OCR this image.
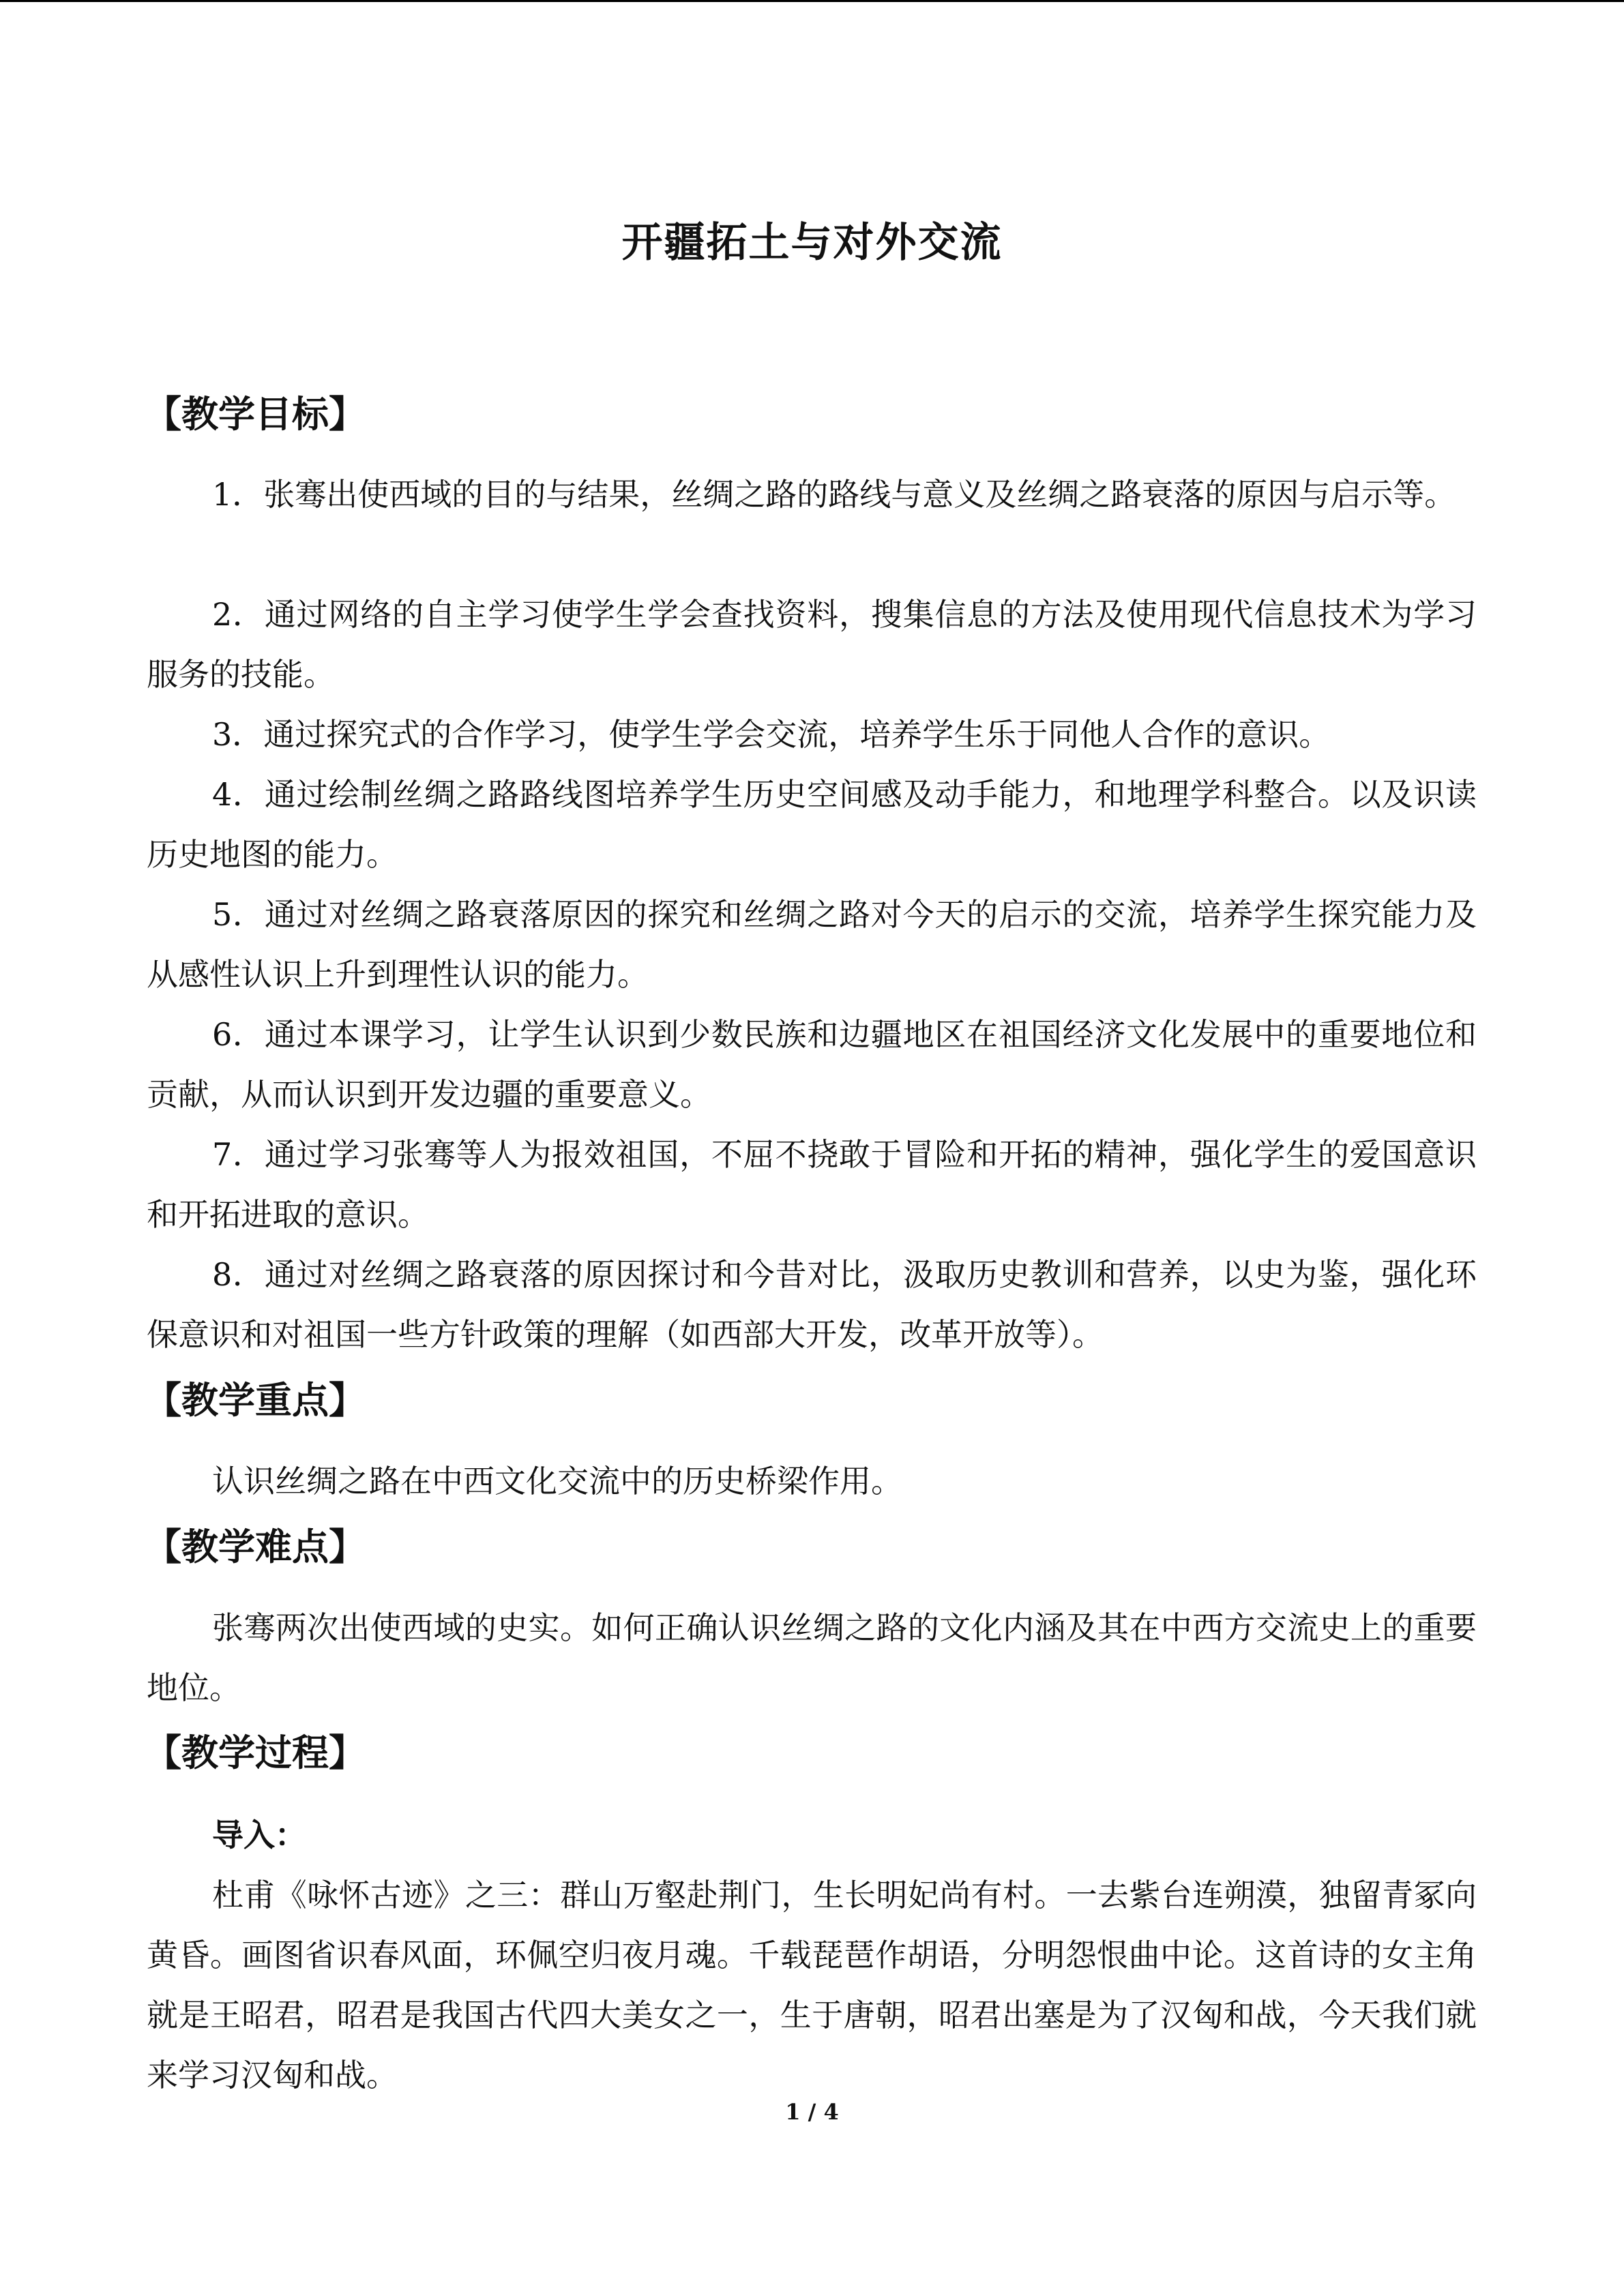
开疆拓土与对外交流
【教学目标】

1．张骞出使西域的目的与结果，丝绸之路的路线与意义及丝绸之路衰落的原因与启示等。

2．通过网络的自主学习使学生学会查找资料，搜集信息的方法及使用现代信息技术为学习服务的技能。

3．通过探究式的合作学习，使学生学会交流，培养学生乐于同他人合作的意识。

4．通过绘制丝绸之路路线图培养学生历史空间感及动手能力，和地理学科整合。以及识读历史地图的能力。

5．通过对丝绸之路衰落原因的探究和丝绸之路对今天的启示的交流，培养学生探究能力及从感性认识上升到理性认识的能力。

6．通过本课学习，让学生认识到少数民族和边疆地区在祖国经济文化发展中的重要地位和贡献，从而认识到开发边疆的重要意义。

7．通过学习张骞等人为报效祖国，不屈不挠敢于冒险和开拓的精神，强化学生的爱国意识和开拓进取的意识。

8．通过对丝绸之路衰落的原因探讨和今昔对比，汲取历史教训和营养，以史为鉴，强化环保意识和对祖国一些方针政策的理解（如西部大开发，改革开放等）。

【教学重点】

认识丝绸之路在中西文化交流中的历史桥梁作用。

【教学难点】

张骞两次出使西域的史实。如何正确认识丝绸之路的文化内涵及其在中西方交流史上的重要地位。

【教学过程】
导入：

杜甫《咏怀古迹》之三：群山万壑赴荆门，生长明妃尚有村。一去紫台连朔漠，独留青冢向黄昏。画图省识春风面，环佩空归夜月魂。千载琵琶作胡语，分明怨恨曲中论。这首诗的女主角就是王昭君，昭君是我国古代四大美女之一，生于唐朝，昭君出塞是为了汉匈和战，今天我们就来学习汉匈和战。

1 / 4
